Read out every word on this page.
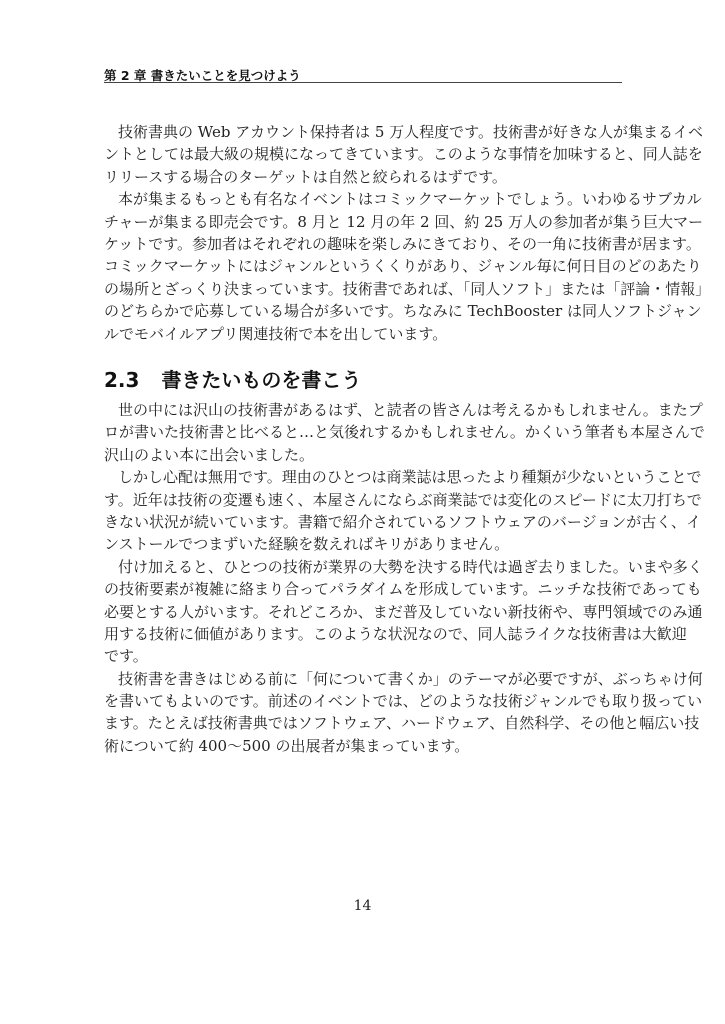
第 2 章 書きたいことを見つけよう
技術書典の Web アカウント保持者は 5 万人程度です。技術書が好きな人が集まるイベ
ントとしては最大級の規模になってきています。このような事情を加味すると、同人誌を
リリースする場合のターゲットは自然と絞られるはずです。
本が集まるもっとも有名なイベントはコミックマーケットでしょう。いわゆるサブカル
チャーが集まる即売会です。8 月と 12 月の年 2 回、約 25 万人の参加者が集う巨大マー
ケットです。参加者はそれぞれの趣味を楽しみにきており、その一角に技術書が居ます。
コミックマーケットにはジャンルというくくりがあり、ジャンル毎に何日目のどのあたり
の場所とざっくり決まっています。技術書であれば、「同人ソフト」または「評論・情報」
のどちらかで応募している場合が多いです。ちなみに TechBooster は同人ソフトジャン
ルでモバイルアプリ関連技術で本を出しています。
2.3 書きたいものを書こう
世の中には沢山の技術書があるはず、と読者の皆さんは考えるかもしれません。またプ
ロが書いた技術書と比べると…と気後れするかもしれません。かくいう筆者も本屋さんで
沢山のよい本に出会いました。
しかし心配は無用です。理由のひとつは商業誌は思ったより種類が少ないということで
す。近年は技術の変遷も速く、本屋さんにならぶ商業誌では変化のスピードに太刀打ちで
きない状況が続いています。書籍で紹介されているソフトウェアのバージョンが古く、イ
ンストールでつまずいた経験を数えればキリがありません。
付け加えると、ひとつの技術が業界の大勢を決する時代は過ぎ去りました。いまや多く
の技術要素が複雑に絡まり合ってパラダイムを形成しています。ニッチな技術であっても
必要とする人がいます。それどころか、まだ普及していない新技術や、専門領域でのみ通
用する技術に価値があります。このような状況なので、同人誌ライクな技術書は大歓迎
です。
技術書を書きはじめる前に「何について書くか」のテーマが必要ですが、ぶっちゃけ何
を書いてもよいのです。前述のイベントでは、どのような技術ジャンルでも取り扱ってい
ます。たとえば技術書典ではソフトウェア、ハードウェア、自然科学、その他と幅広い技
術について約 400〜500 の出展者が集まっています。
14
